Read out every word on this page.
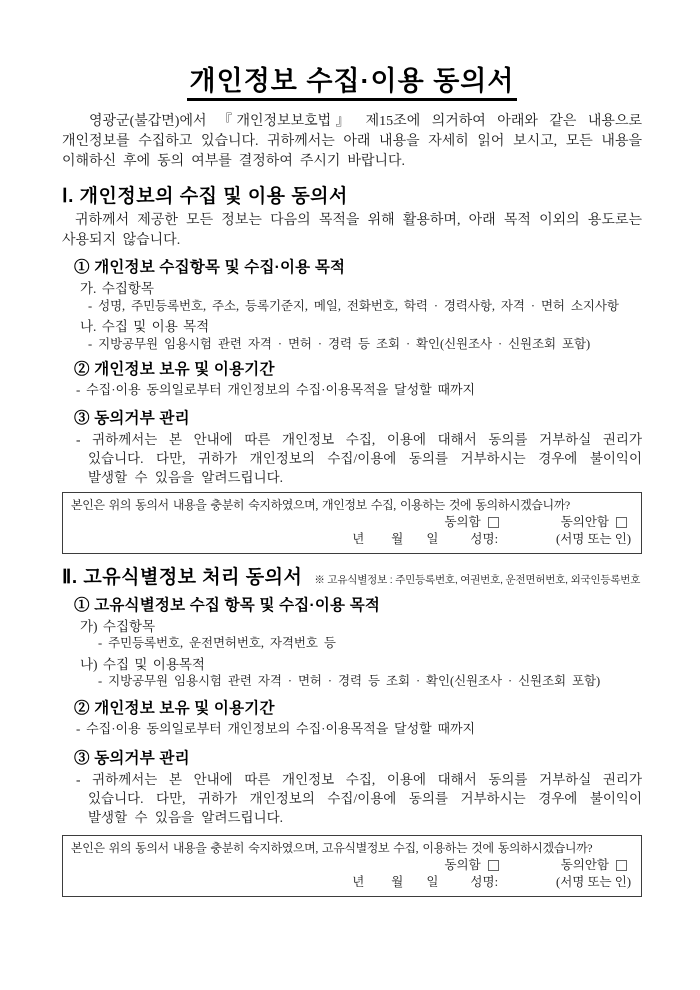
개인정보 수집·이용 동의서

영광군(불갑면)에서 『개인정보보호법』 제15조에 의거하여 아래와 같은 내용으로 개인정보를 수집하고 있습니다. 귀하께서는 아래 내용을 자세히 읽어 보시고, 모든 내용을 이해하신 후에 동의 여부를 결정하여 주시기 바랍니다.

Ⅰ. 개인정보의 수집 및 이용 동의서

귀하께서 제공한 모든 정보는 다음의 목적을 위해 활용하며, 아래 목적 이외의 용도로는 사용되지 않습니다.

① 개인정보 수집항목 및 수집·이용 목적

가. 수집항목

- 성명, 주민등록번호, 주소, 등록기준지, 메일, 전화번호, 학력 · 경력사항, 자격 · 면허 소지사항

나. 수집 및 이용 목적

- 지방공무원 임용시험 관련 자격 · 면허 · 경력 등 조회 · 확인(신원조사 · 신원조회 포함)

② 개인정보 보유 및 이용기간

- 수집·이용 동의일로부터 개인정보의 수집·이용목적을 달성할 때까지

③ 동의거부 관리

- 귀하께서는 본 안내에 따른 개인정보 수집, 이용에 대해서 동의를 거부하실 권리가 있습니다. 다만, 귀하가 개인정보의 수집/이용에 동의를 거부하시는 경우에 불이익이 발생할 수 있음을 알려드립니다.

본인은 위의 동의서 내용을 충분히 숙지하였으며, 개인정보 수집, 이용하는 것에 동의하시겠습니까?

동의함	동의안함
년 월 일	성명:	(서명 또는 인)
Ⅱ. 고유식별정보 처리 동의서 ※ 고유식별정보 : 주민등록번호, 여권번호, 운전면허번호, 외국인등록번호
① 고유식별정보 수집 항목 및 수집·이용 목적

가) 수집항목

- 주민등록번호, 운전면허번호, 자격번호 등

나) 수집 및 이용목적

- 지방공무원 임용시험 관련 자격 · 면허 · 경력 등 조회 · 확인(신원조사 · 신원조회 포함)

② 개인정보 보유 및 이용기간

- 수집·이용 동의일로부터 개인정보의 수집·이용목적을 달성할 때까지

③ 동의거부 관리

- 귀하께서는 본 안내에 따른 개인정보 수집, 이용에 대해서 동의를 거부하실 권리가 있습니다. 다만, 귀하가 개인정보의 수집/이용에 동의를 거부하시는 경우에 불이익이 발생할 수 있음을 알려드립니다.

본인은 위의 동의서 내용을 충분히 숙지하였으며, 고유식별정보 수집, 이용하는 것에 동의하시겠습니까?

동의함	동의안함
년 월 일	성명:	(서명 또는 인)
